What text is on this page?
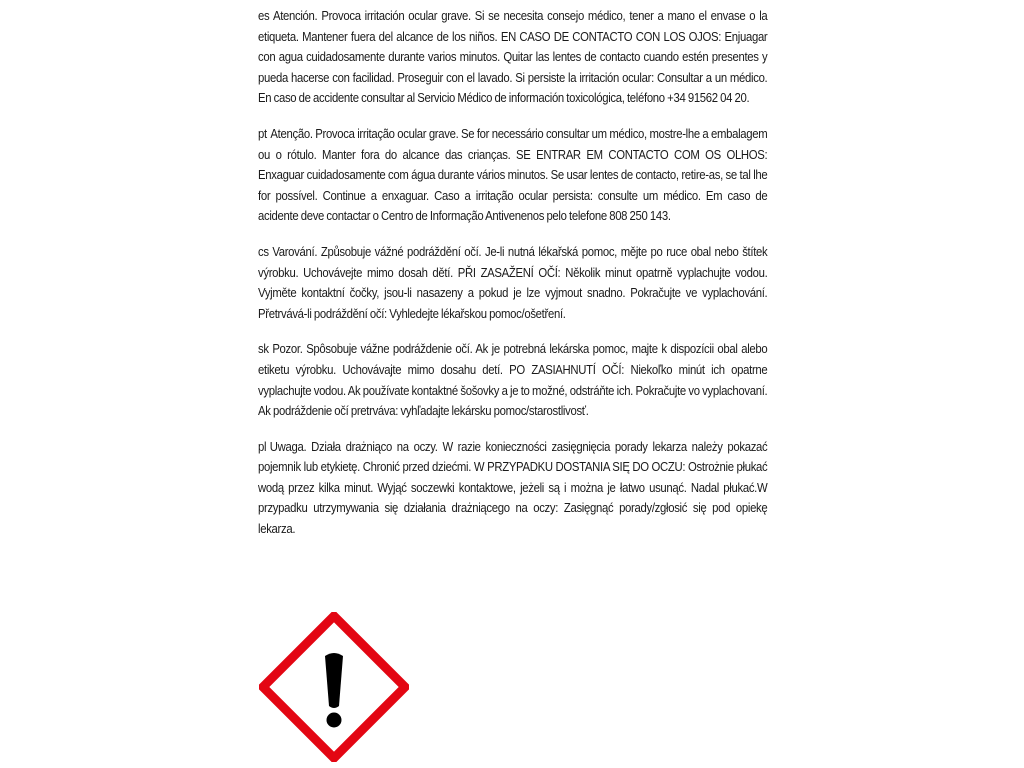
es Atención. Provoca irritación ocular grave. Si se necesita consejo médico, tener a mano el envase o la etiqueta. Mantener fuera del alcance de los niños. EN CASO DE CONTACTO CON LOS OJOS: Enjuagar con agua cuidadosamente durante varios minutos. Quitar las lentes de contacto cuando estén presentes y pueda hacerse con facilidad. Proseguir con el lavado. Si persiste la irritación ocular: Consultar a un médico. En caso de accidente consultar al Servicio Médico de información toxicológica, teléfono +34 91562 04 20.

pt Atenção. Provoca irritação ocular grave. Se for necessário consultar um médico, mostre-lhe a embalagem ou o rótulo. Manter fora do alcance das crianças. SE ENTRAR EM CONTACTO COM OS OLHOS: Enxaguar cuidadosamente com água durante vários minutos. Se usar lentes de contacto, retire-as, se tal lhe for possível. Continue a enxaguar. Caso a irritação ocular persista: consulte um médico. Em caso de acidente deve contactar o Centro de Informação Antivenenos pelo telefone 808 250 143.

cs Varování. Způsobuje vážné podráždění očí. Je-li nutná lékařská pomoc, mějte po ruce obal nebo štítek výrobku. Uchovávejte mimo dosah dětí. PŘI ZASAŽENÍ OČÍ: Několik minut opatrně vyplachujte vodou. Vyjměte kontaktní čočky, jsou-li nasazeny a pokud je lze vyjmout snadno. Pokračujte ve vyplachování. Přetrvává-li podráždění očí: Vyhledejte lékařskou pomoc/ošetření.

sk Pozor. Spôsobuje vážne podráždenie očí. Ak je potrebná lekárska pomoc, majte k dispozícii obal alebo etiketu výrobku. Uchovávajte mimo dosahu detí. PO ZASIAHNUTÍ OČÍ: Niekoľko minút ich opatrne vyplachujte vodou. Ak používate kontaktné šošovky a je to možné, odstráňte ich. Pokračujte vo vyplachovaní. Ak podráždenie očí pretrváva: vyhľadajte lekársku pomoc/starostlivosť.

pl Uwaga. Działa drażniąco na oczy. W razie konieczności zasięgnięcia porady lekarza należy pokazać pojemnik lub etykietę. Chronić przed dziećmi. W PRZYPADKU DOSTANIA SIĘ DO OCZU: Ostrożnie płukać wodą przez kilka minut. Wyjąć soczewki kontaktowe, jeżeli są i można je łatwo usunąć. Nadal płukać.W przypadku utrzymywania się działania drażniącego na oczy: Zasięgnąć porady/zgłosić się pod opiekę lekarza.
